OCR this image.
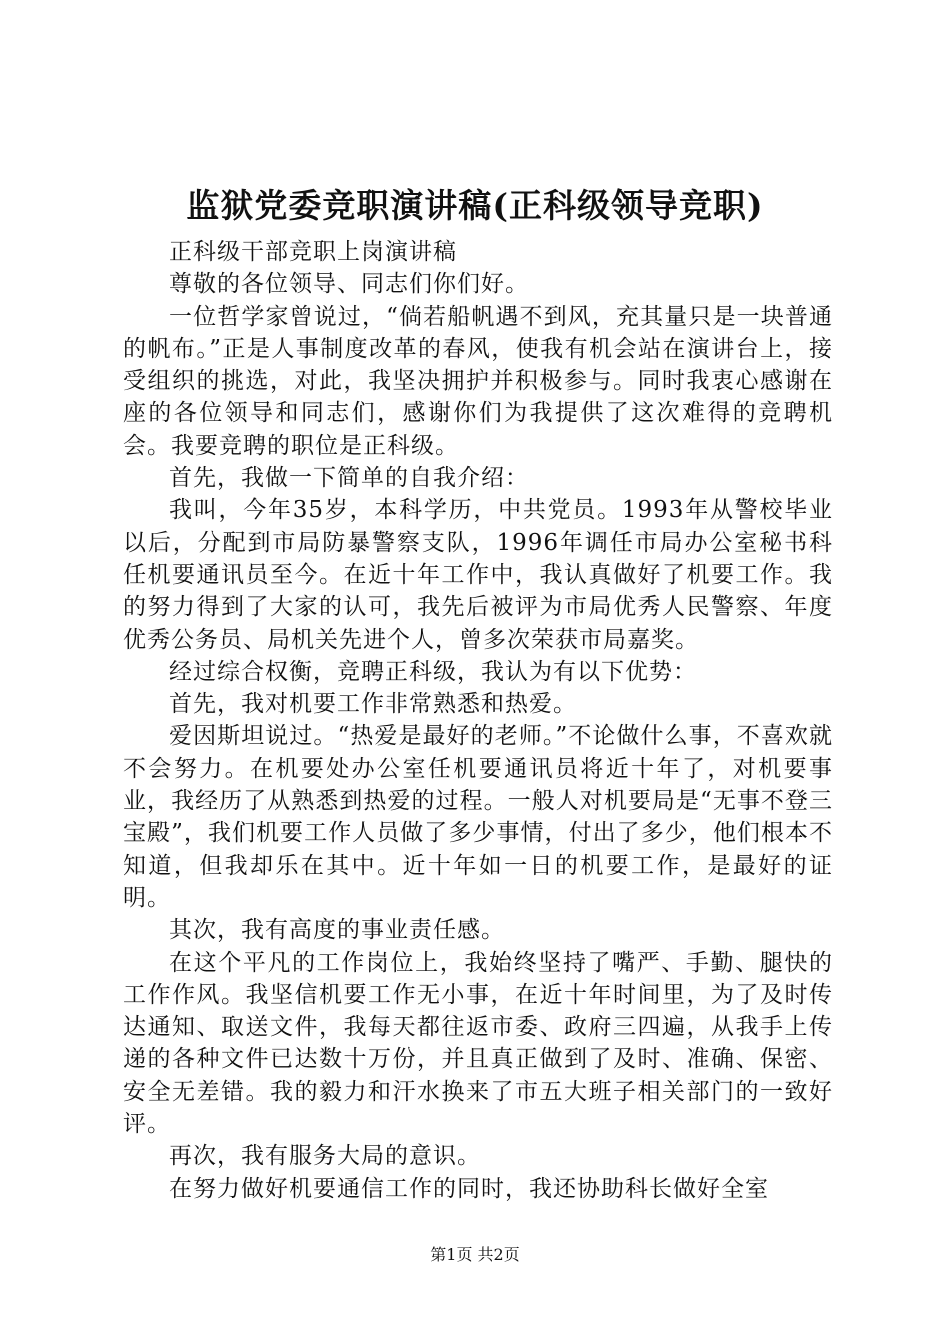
监狱党委竞职演讲稿(正科级领导竞职)

正科级干部竞职上岗演讲稿

尊敬的各位领导、同志们你们好。

一位哲学家曾说过，“倘若船帆遇不到风，充其量只是一块普通的帆布。”正是人事制度改革的春风，使我有机会站在演讲台上，接受组织的挑选，对此，我坚决拥护并积极参与。同时我衷心感谢在座的各位领导和同志们，感谢你们为我提供了这次难得的竞聘机会。我要竞聘的职位是正科级。

首先，我做一下简单的自我介绍：

我叫，今年35岁，本科学历，中共党员。1993年从警校毕业以后，分配到市局防暴警察支队，1996年调任市局办公室秘书科任机要通讯员至今。在近十年工作中，我认真做好了机要工作。我的努力得到了大家的认可，我先后被评为市局优秀人民警察、年度优秀公务员、局机关先进个人，曾多次荣获市局嘉奖。

经过综合权衡，竞聘正科级，我认为有以下优势：

首先，我对机要工作非常熟悉和热爱。

爱因斯坦说过。“热爱是最好的老师。”不论做什么事，不喜欢就不会努力。在机要处办公室任机要通讯员将近十年了，对机要事业，我经历了从熟悉到热爱的过程。一般人对机要局是“无事不登三宝殿”，我们机要工作人员做了多少事情，付出了多少，他们根本不知道，但我却乐在其中。近十年如一日的机要工作，是最好的证明。

其次，我有高度的事业责任感。

在这个平凡的工作岗位上，我始终坚持了嘴严、手勤、腿快的工作作风。我坚信机要工作无小事，在近十年时间里，为了及时传达通知、取送文件，我每天都往返市委、政府三四遍，从我手上传递的各种文件已达数十万份，并且真正做到了及时、准确、保密、安全无差错。我的毅力和汗水换来了市五大班子相关部门的一致好评。

再次，我有服务大局的意识。

在努力做好机要通信工作的同时，我还协助科长做好全室

第1页 共2页
